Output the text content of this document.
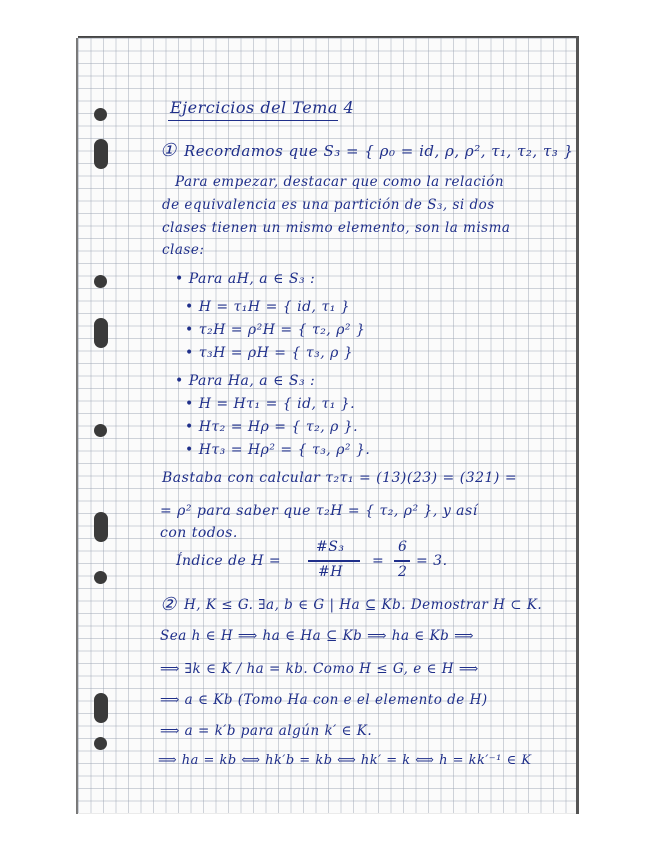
Ejercicios del Tema 4
① Recordamos que S₃ = { ρ₀ = id, ρ, ρ², τ₁, τ₂, τ₃ }
Para empezar, destacar que como la relación
de equivalencia es una partición de S₃, si dos
clases tienen un mismo elemento, son la misma
clase:
• Para aH, a ∈ S₃ :
• H = τ₁H = { id, τ₁ }
• τ₂H = ρ²H = { τ₂, ρ² }
• τ₃H = ρH = { τ₃, ρ }
• Para Ha, a ∈ S₃ :
• H = Hτ₁ = { id, τ₁ }.
• Hτ₂ = Hρ = { τ₂, ρ }.
• Hτ₃ = Hρ² = { τ₃, ρ² }.
Bastaba con calcular τ₂τ₁ = (13)(23) = (321) =
= ρ² para saber que τ₂H = { τ₂, ρ² }, y así
con todos.
Índice de H =
#S₃
#H
=
6
2
= 3.
② H, K ≤ G. ∃a, b ∈ G | Ha ⊆ Kb. Demostrar H ⊂ K.
Sea h ∈ H ⟹ ha ∈ Ha ⊆ Kb ⟹ ha ∈ Kb ⟹
⟹ ∃k ∈ K / ha = kb. Como H ≤ G, e ∈ H ⟹
⟹ a ∈ Kb (Tomo Ha con e el elemento de H)
⟹ a = k′b para algún k′ ∈ K.
⟹ ha = kb ⟺ hk′b = kb ⟺ hk′ = k ⟺ h = kk′⁻¹ ∈ K
